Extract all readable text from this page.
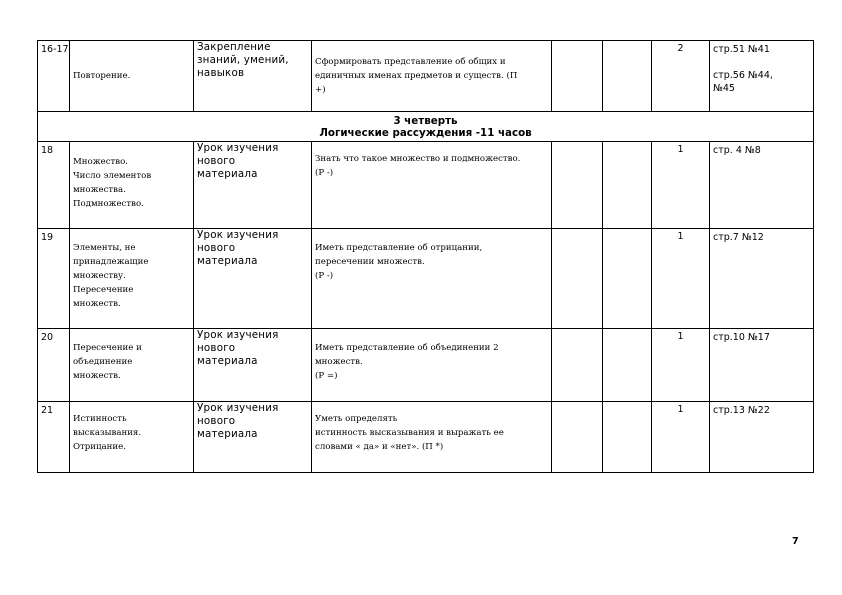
16-17	Повторение.	Закрепление
знаний, умений,
навыков	Сформировать представление об общих и
единичных именах предметов и существ. (П
+)			2	стр.51 №41
стр.56 №44,
№45

3 четверть
Логические рассуждения -11 часов							

18	Множество.
Число элементов
множества.
Подмножество.	Урок изучения
нового
материала	Знать что такое множество и подмножество.
(Р -)			1	стр. 4 №8
19	Элементы, не
принадлежащие
множеству.
Пересечение
множеств.	Урок изучения
нового
материала	Иметь представление об отрицании,
пересечении множеств.
(Р -)			1	стр.7 №12
20	Пересечение и
объединение
множеств.	Урок изучения
нового
материала	Иметь представление об объединении 2
множеств.
(Р =)			1	стр.10 №17
21	Истинность
высказывания.
Отрицание.	Урок изучения
нового
материала	Уметь определять
истинность высказывания и выражать ее
словами « да» и «нет». (П *)			1	стр.13 №22
7
